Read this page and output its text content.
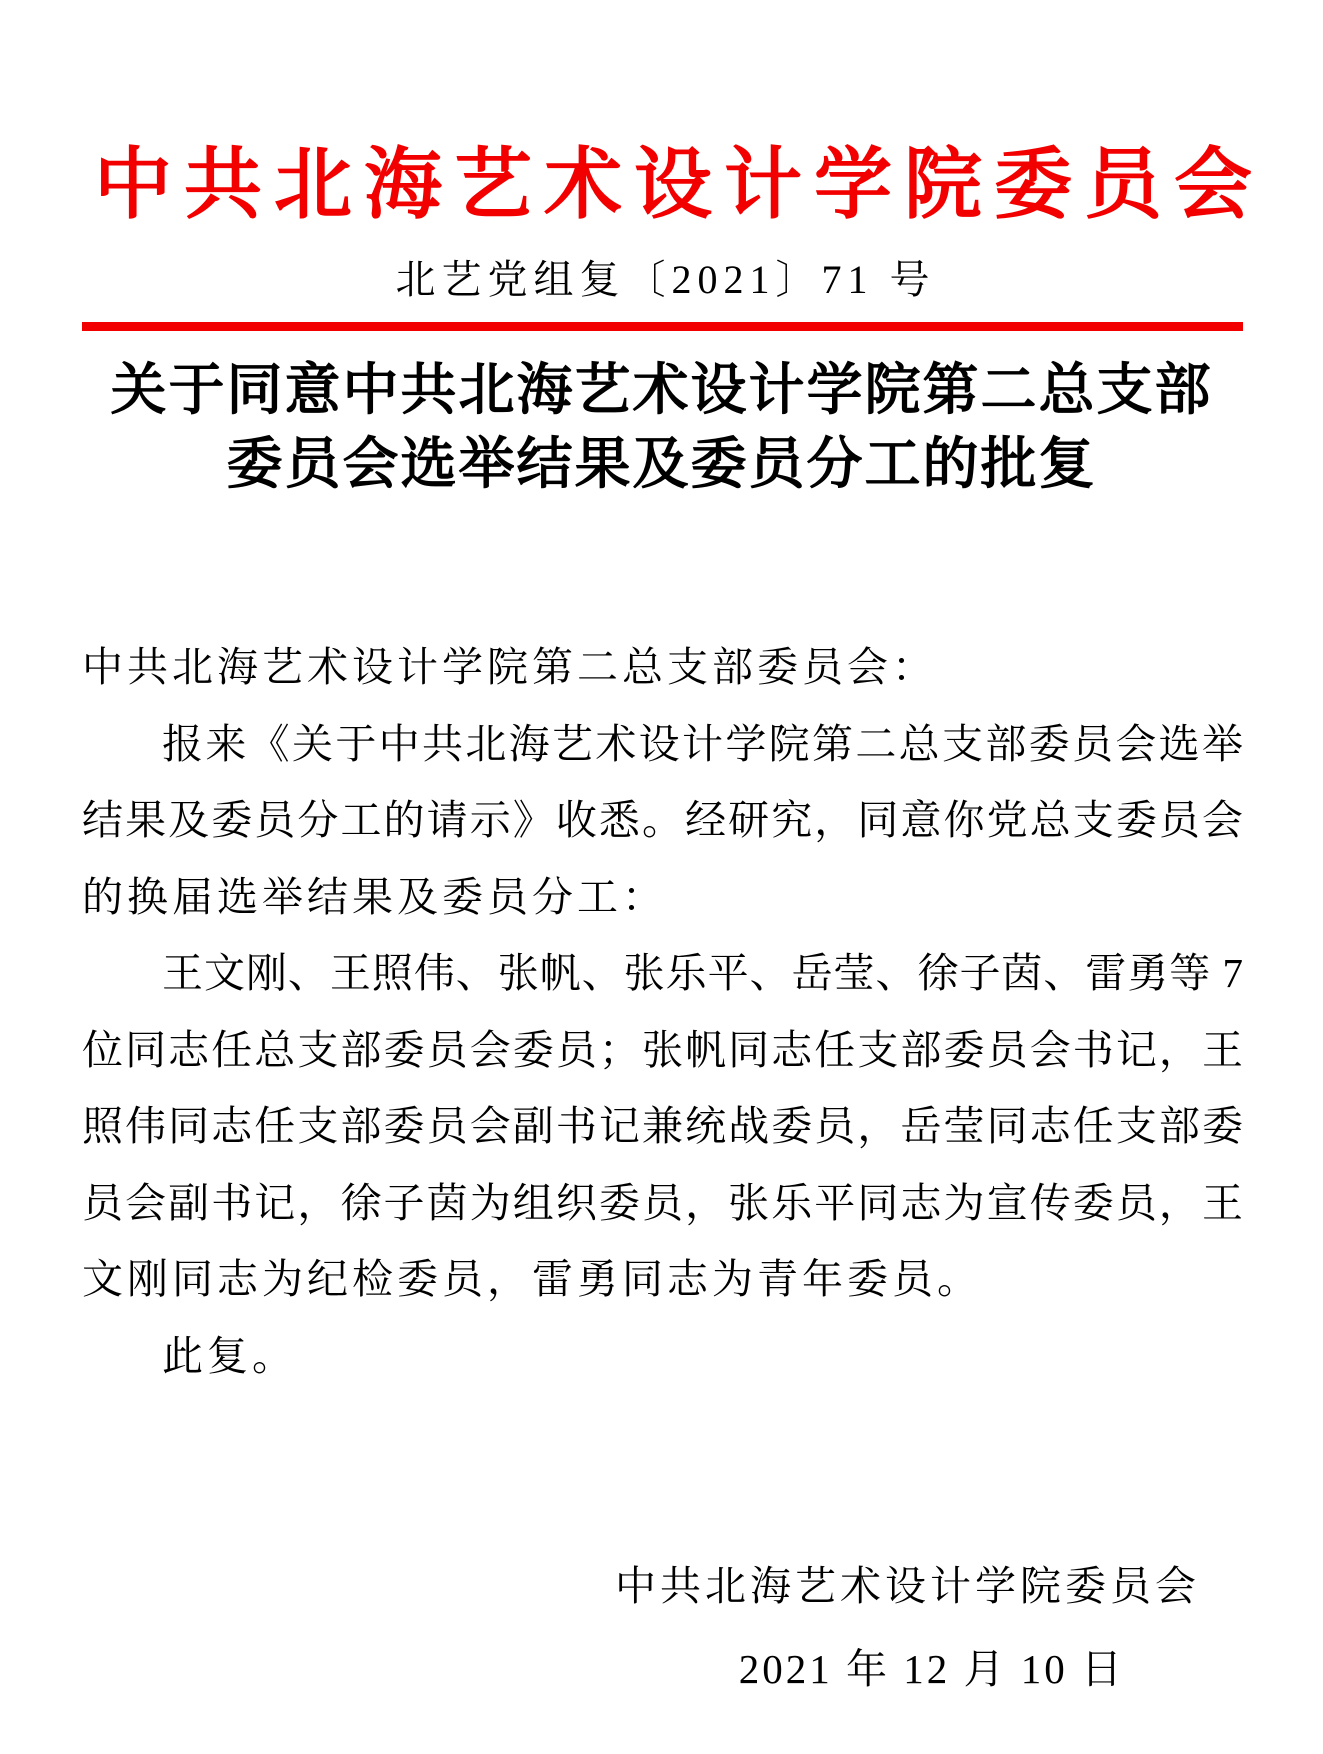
中共北海艺术设计学院委员会
北艺党组复〔2021〕71 号
关于同意中共北海艺术设计学院第二总支部
委员会选举结果及委员分工的批复
中共北海艺术设计学院第二总支部委员会：
报来《关于中共北海艺术设计学院第二总支部委员会选举
结果及委员分工的请示》收悉。经研究，同意你党总支委员会
的换届选举结果及委员分工：
王文刚、王照伟、张帆、张乐平、岳莹、徐子茵、雷勇等 7
位同志任总支部委员会委员；张帆同志任支部委员会书记，王
照伟同志任支部委员会副书记兼统战委员，岳莹同志任支部委
员会副书记，徐子茵为组织委员，张乐平同志为宣传委员，王
文刚同志为纪检委员，雷勇同志为青年委员。
此复。
中共北海艺术设计学院委员会
2021 年 12 月 10 日
